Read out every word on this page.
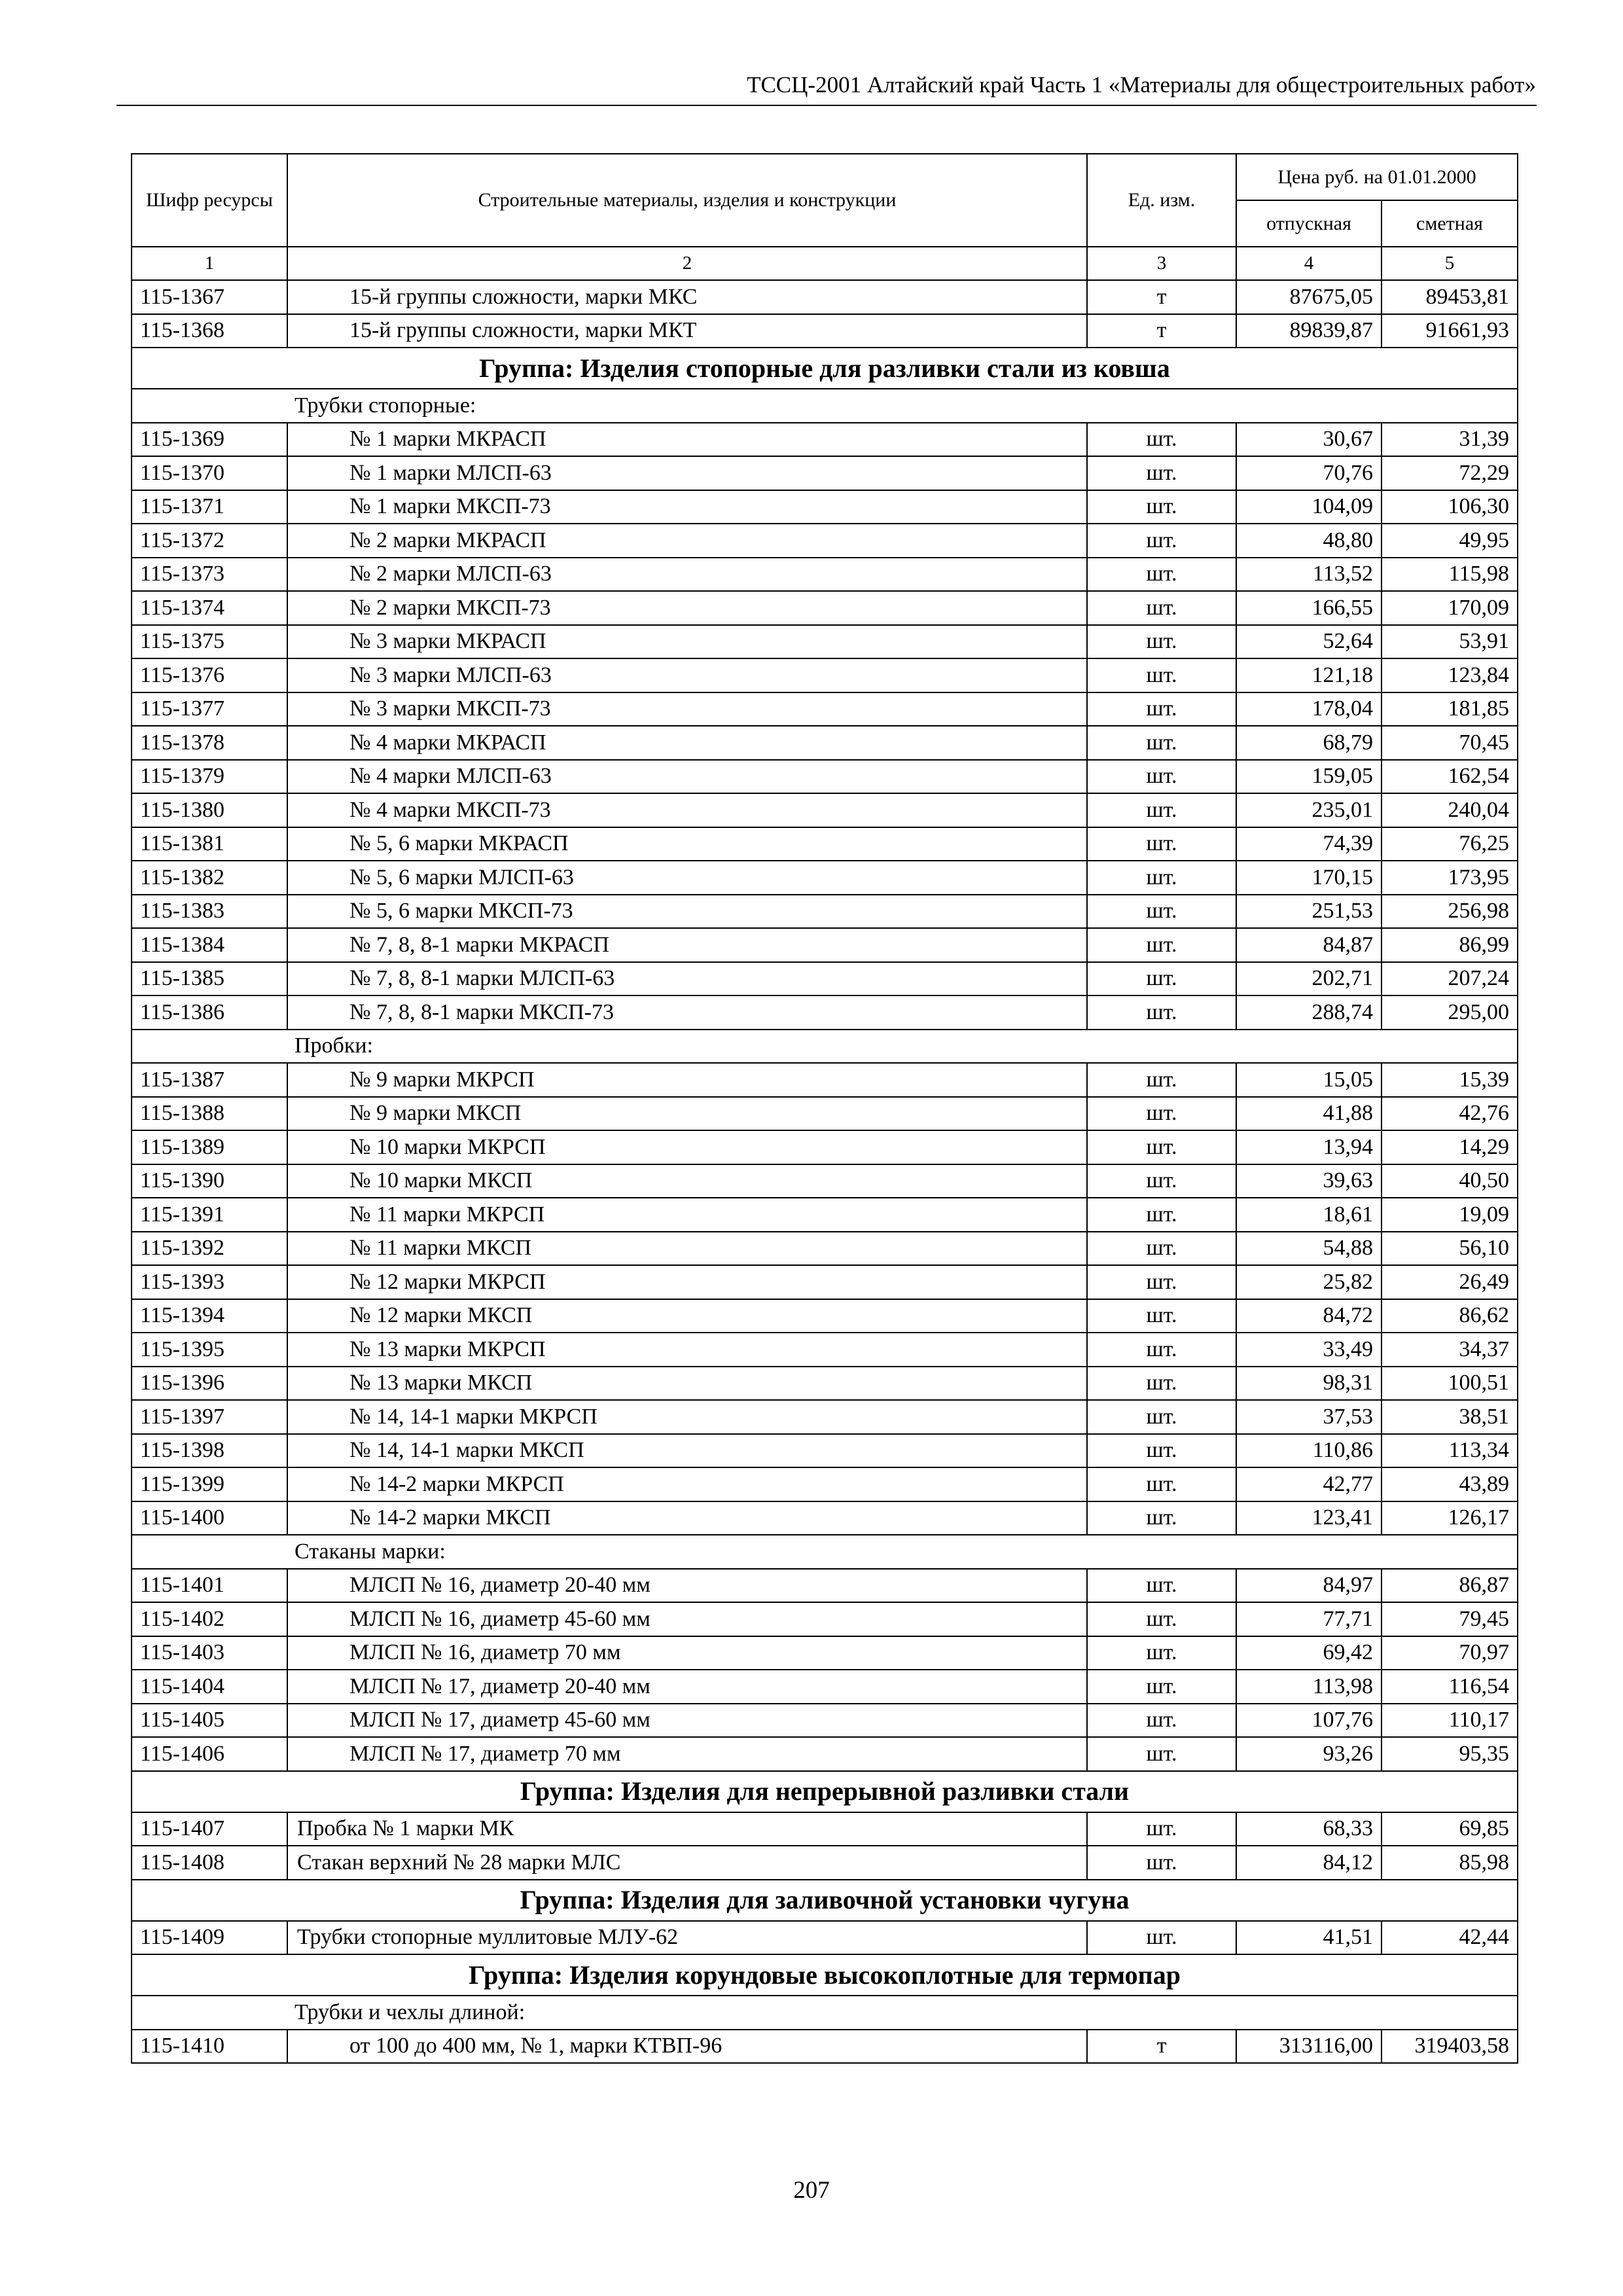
ТССЦ-2001 Алтайский край Часть 1 «Материалы для общестроительных работ»
Шифр ресурсы	Строительные материалы, изделия и конструкции	Ед. изм.	Цена руб. на 01.01.2000	
			отпускная	сметная
1	2	3	4	5
115-1367	15-й группы сложности, марки МКС	т	87675,05	89453,81
115-1368	15-й группы сложности, марки МКТ	т	89839,87	91661,93
Группа: Изделия стопорные для разливки стали из ковша				
Трубки стопорные:				
115-1369	№ 1 марки МКРАСП	шт.	30,67	31,39
115-1370	№ 1 марки МЛСП-63	шт.	70,76	72,29
115-1371	№ 1 марки МКСП-73	шт.	104,09	106,30
115-1372	№ 2 марки МКРАСП	шт.	48,80	49,95
115-1373	№ 2 марки МЛСП-63	шт.	113,52	115,98
115-1374	№ 2 марки МКСП-73	шт.	166,55	170,09
115-1375	№ 3 марки МКРАСП	шт.	52,64	53,91
115-1376	№ 3 марки МЛСП-63	шт.	121,18	123,84
115-1377	№ 3 марки МКСП-73	шт.	178,04	181,85
115-1378	№ 4 марки МКРАСП	шт.	68,79	70,45
115-1379	№ 4 марки МЛСП-63	шт.	159,05	162,54
115-1380	№ 4 марки МКСП-73	шт.	235,01	240,04
115-1381	№ 5, 6 марки МКРАСП	шт.	74,39	76,25
115-1382	№ 5, 6 марки МЛСП-63	шт.	170,15	173,95
115-1383	№ 5, 6 марки МКСП-73	шт.	251,53	256,98
115-1384	№ 7, 8, 8-1 марки МКРАСП	шт.	84,87	86,99
115-1385	№ 7, 8, 8-1 марки МЛСП-63	шт.	202,71	207,24
115-1386	№ 7, 8, 8-1 марки МКСП-73	шт.	288,74	295,00
Пробки:				
115-1387	№ 9 марки МКРСП	шт.	15,05	15,39
115-1388	№ 9 марки МКСП	шт.	41,88	42,76
115-1389	№ 10 марки МКРСП	шт.	13,94	14,29
115-1390	№ 10 марки МКСП	шт.	39,63	40,50
115-1391	№ 11 марки МКРСП	шт.	18,61	19,09
115-1392	№ 11 марки МКСП	шт.	54,88	56,10
115-1393	№ 12 марки МКРСП	шт.	25,82	26,49
115-1394	№ 12 марки МКСП	шт.	84,72	86,62
115-1395	№ 13 марки МКРСП	шт.	33,49	34,37
115-1396	№ 13 марки МКСП	шт.	98,31	100,51
115-1397	№ 14, 14-1 марки МКРСП	шт.	37,53	38,51
115-1398	№ 14, 14-1 марки МКСП	шт.	110,86	113,34
115-1399	№ 14-2 марки МКРСП	шт.	42,77	43,89
115-1400	№ 14-2 марки МКСП	шт.	123,41	126,17
Стаканы марки:				
115-1401	МЛСП № 16, диаметр 20-40 мм	шт.	84,97	86,87
115-1402	МЛСП № 16, диаметр 45-60 мм	шт.	77,71	79,45
115-1403	МЛСП № 16, диаметр 70 мм	шт.	69,42	70,97
115-1404	МЛСП № 17, диаметр 20-40 мм	шт.	113,98	116,54
115-1405	МЛСП № 17, диаметр 45-60 мм	шт.	107,76	110,17
115-1406	МЛСП № 17, диаметр 70 мм	шт.	93,26	95,35
Группа: Изделия для непрерывной разливки стали				
115-1407	Пробка № 1 марки МК	шт.	68,33	69,85
115-1408	Стакан верхний № 28 марки МЛС	шт.	84,12	85,98
Группа: Изделия для заливочной установки чугуна				
115-1409	Трубки стопорные муллитовые МЛУ-62	шт.	41,51	42,44
Группа: Изделия корундовые высокоплотные для термопар				
Трубки и чехлы длиной:				
115-1410	от 100 до 400 мм, № 1, марки КТВП-96	т	313116,00	319403,58
207
